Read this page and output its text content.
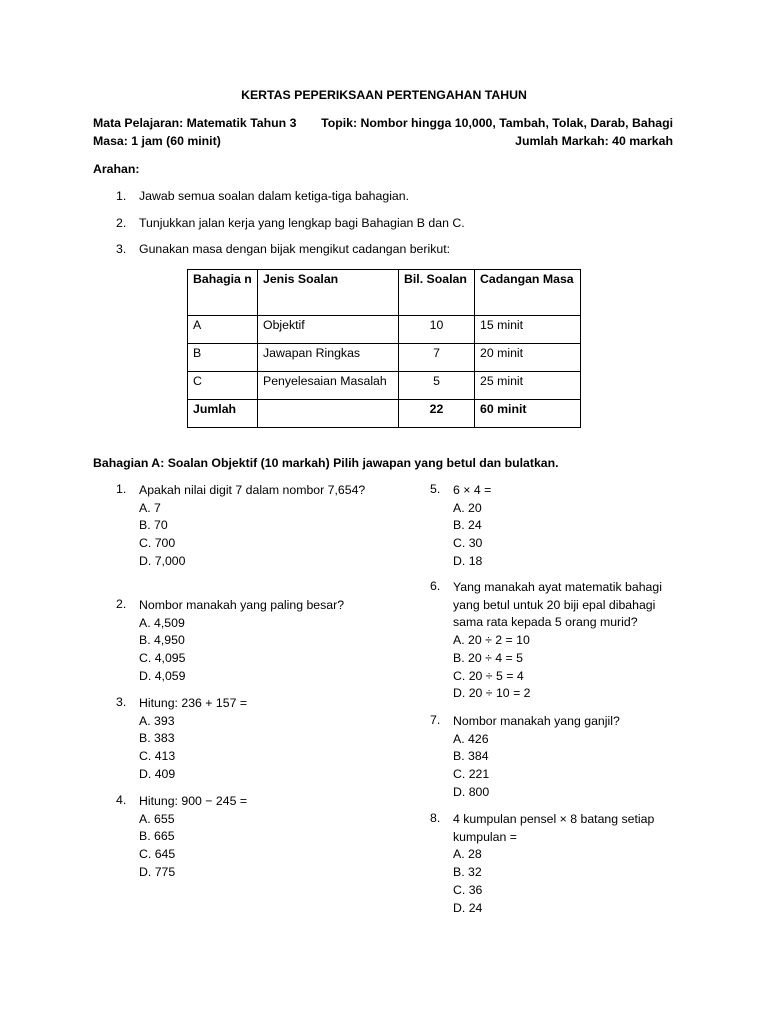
KERTAS PEPERIKSAAN PERTENGAHAN TAHUN
Mata Pelajaran: Matematik Tahun 3 Topik: Nombor hingga 10,000, Tambah, Tolak, Darab, Bahagi
Masa: 1 jam (60 minit)	Jumlah Markah: 40 markah
Arahan:
1. Jawab semua soalan dalam ketiga-tiga bahagian.
2. Tunjukkan jalan kerja yang lengkap bagi Bahagian B dan C.
3. Gunakan masa dengan bijak mengikut cadangan berikut:
Bahagia n	Jenis Soalan	Bil. Soalan	Cadangan Masa
A	Objektif	10	15 minit
B	Jawapan Ringkas	7	20 minit
C	Penyelesaian Masalah	5	25 minit
Jumlah		22	60 minit
Bahagian A: Soalan Objektif (10 markah) Pilih jawapan yang betul dan bulatkan.
1. Apakah nilai digit 7 dalam nombor 7,654?
A. 7
B. 70
C. 700
D. 7,000
2. Nombor manakah yang paling besar?
A. 4,509
B. 4,950
C. 4,095
D. 4,059
3. Hitung: 236 + 157 =
A. 393
B. 383
C. 413
D. 409
4. Hitung: 900 − 245 =
A. 655
B. 665
C. 645
D. 775
5. 6 × 4 =
A. 20
B. 24
C. 30
D. 18
6. Yang manakah ayat matematik bahagi yang betul untuk 20 biji epal dibahagi sama rata kepada 5 orang murid?
A. 20 ÷ 2 = 10
B. 20 ÷ 4 = 5
C. 20 ÷ 5 = 4
D. 20 ÷ 10 = 2
7. Nombor manakah yang ganjil?
A. 426
B. 384
C. 221
D. 800
8. 4 kumpulan pensel × 8 batang setiap kumpulan =
A. 28
B. 32
C. 36
D. 24
